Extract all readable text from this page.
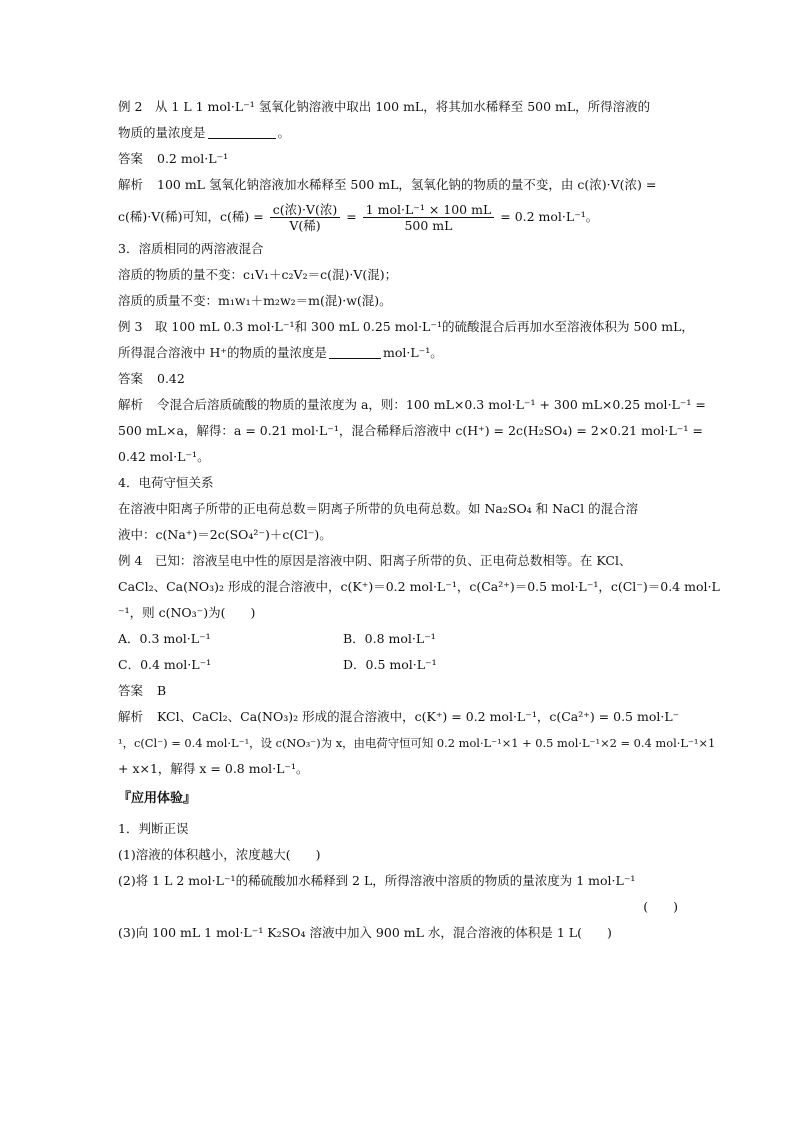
例 2　从 1 L 1 mol·L⁻¹ 氢氧化钠溶液中取出 100 mL，将其加水稀释至 500 mL，所得溶液的
物质的量浓度是	。
答案 0.2 mol·L⁻¹
解析 100 mL 氢氧化钠溶液加水稀释至 500 mL，氢氧化钠的物质的量不变，由 c(浓)·V(浓) =
c(稀)·V(稀)可知，c(稀) = $\frac{\text{c(浓)·V(浓)}}{\text{V(稀)}} = \frac{\text{1 mol·L⁻¹ × 100 mL}}{500 mL} = 0.2$ mol·L⁻¹。
3．溶质相同的两溶液混合
溶质的物质的量不变：c₁V₁＋c₂V₂＝c(混)·V(混)；
溶质的质量不变：m₁w₁＋m₂w₂＝m(混)·w(混)。
例 3　取 100 mL 0.3 mol·L⁻¹和 300 mL 0.25 mol·L⁻¹的硫酸混合后再加水至溶液体积为 500 mL，
所得混合溶液中 H⁺的物质的量浓度是	mol·L⁻¹。
答案 0.42
解析 令混合后溶质硫酸的物质的量浓度为 a，则：100 mL×0.3 mol·L⁻¹ + 300 mL×0.25 mol·L⁻¹ =
500 mL×a，解得：a = 0.21 mol·L⁻¹，混合稀释后溶液中 c(H⁺) = 2c(H₂SO₄) = 2×0.21 mol·L⁻¹ =
0.42 mol·L⁻¹。
4．电荷守恒关系
在溶液中阳离子所带的正电荷总数＝阴离子所带的负电荷总数。如 Na₂SO₄ 和 NaCl 的混合溶
液中：c(Na⁺)＝2c(SO₄²⁻)＋c(Cl⁻)。
例 4　已知：溶液呈电中性的原因是溶液中阴、阳离子所带的负、正电荷总数相等。在 KCl、
CaCl₂、Ca(NO₃)₂ 形成的混合溶液中，c(K⁺)＝0.2 mol·L⁻¹，c(Ca²⁺)＝0.5 mol·L⁻¹，c(Cl⁻)＝0.4 mol·L
⁻¹，则 c(NO₃⁻)为(　　)
A．0.3 mol·L⁻¹	B．0.8 mol·L⁻¹
C．0.4 mol·L⁻¹	D．0.5 mol·L⁻¹
答案 B
解析 KCl、CaCl₂、Ca(NO₃)₂ 形成的混合溶液中，c(K⁺) = 0.2 mol·L⁻¹，c(Ca²⁺) = 0.5 mol·L⁻
¹，c(Cl⁻) = 0.4 mol·L⁻¹，设 c(NO₃⁻)为 x，由电荷守恒可知 0.2 mol·L⁻¹×1 + 0.5 mol·L⁻¹×2 = 0.4 mol·L⁻¹×1
+ x×1，解得 x = 0.8 mol·L⁻¹。
『应用体验』
1．判断正误
(1)溶液的体积越小，浓度越大(　　)
(2)将 1 L 2 mol·L⁻¹的稀硫酸加水稀释到 2 L，所得溶液中溶质的物质的量浓度为 1 mol·L⁻¹
(　　)
(3)向 100 mL 1 mol·L⁻¹ K₂SO₄ 溶液中加入 900 mL 水，混合溶液的体积是 1 L(　　)
